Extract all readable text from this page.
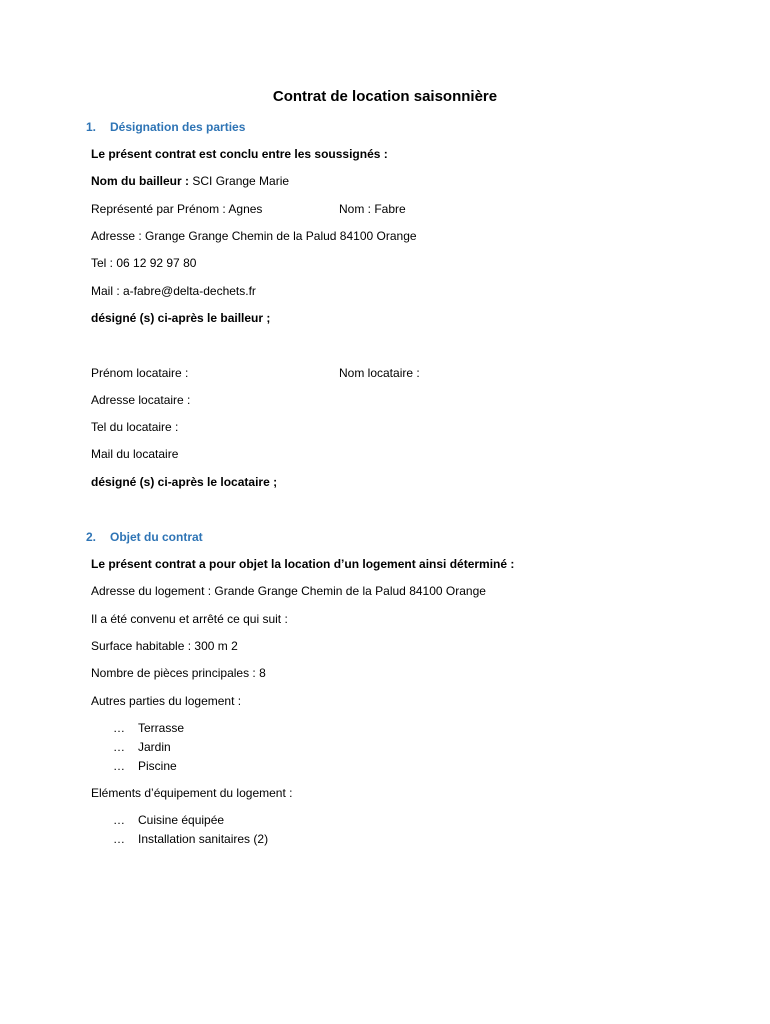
Contrat de location saisonnière
1. Désignation des parties
Le présent contrat est conclu entre les soussignés :
Nom du bailleur : SCI Grange Marie
Représenté par Prénom : Agnes	Nom : Fabre
Adresse : Grange Grange Chemin de la Palud 84100 Orange
Tel : 06 12 92 97 80
Mail : a-fabre@delta-dechets.fr
désigné (s) ci-après le bailleur ;
Prénom locataire :	Nom locataire :
Adresse locataire :
Tel du locataire :
Mail du locataire
désigné (s) ci-après le locataire ;
2. Objet du contrat
Le présent contrat a pour objet la location d’un logement ainsi déterminé :
Adresse du logement : Grande Grange Chemin de la Palud 84100 Orange
Il a été convenu et arrêté ce qui suit :
Surface habitable : 300 m 2
Nombre de pièces principales : 8
Autres parties du logement :
… Terrasse
… Jardin
… Piscine
Eléments d’équipement du logement :
… Cuisine équipée
… Installation sanitaires (2)
